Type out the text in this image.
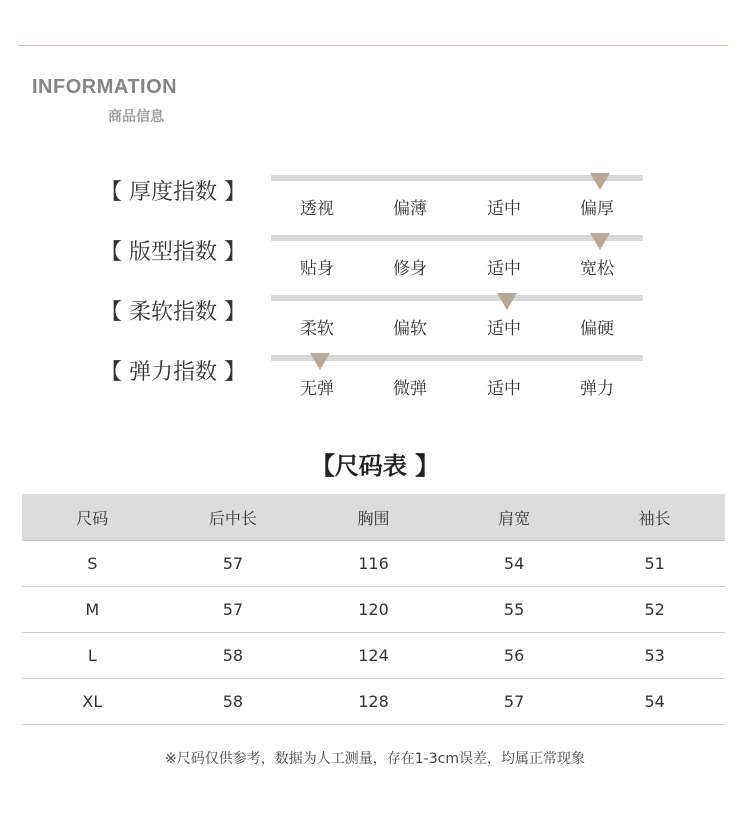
INFORMATION
商品信息
【 厚度指数 】
透视	偏薄	适中	偏厚
【 版型指数 】
贴身	修身	适中	宽松
【 柔软指数 】
柔软	偏软	适中	偏硬
【 弹力指数 】
无弹	微弹	适中	弹力
【尺码表 】
尺码	后中长	胸围	肩宽	袖长
S	57	116	54	51
M	57	120	55	52
L	58	124	56	53
XL	58	128	57	54

※尺码仅供参考，数据为人工测量，存在1-3cm误差，均属正常现象
